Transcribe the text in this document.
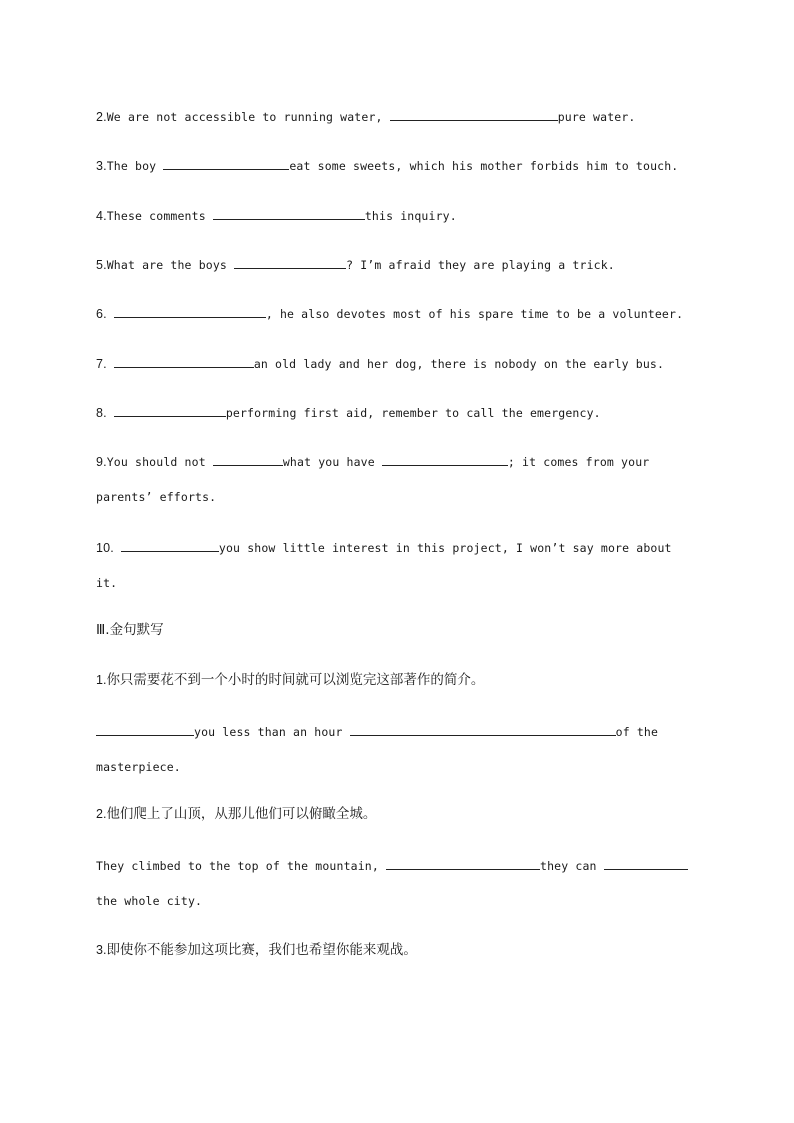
2.We are not accessible to running water,	pure water.
3.The boy	eat some sweets, which his mother forbids him to touch.
4.These comments	this inquiry.
5.What are the boys	? I’m afraid they are playing a trick.
6.	, he also devotes most of his spare time to be a volunteer.
7.	an old lady and her dog, there is nobody on the early bus.
8.	performing first aid, remember to call the emergency.
9.You should not	what you have	; it comes from your
parents’ efforts.
10.	you show little interest in this project, I won’t say more about
it.
Ⅲ.金句默写
1.你只需要花不到一个小时的时间就可以浏览完这部著作的简介。
you less than an hour	of the
masterpiece.
2.他们爬上了山顶，从那儿他们可以俯瞰全城。
They climbed to the top of the mountain,	they can
the whole city.
3.即使你不能参加这项比赛，我们也希望你能来观战。
